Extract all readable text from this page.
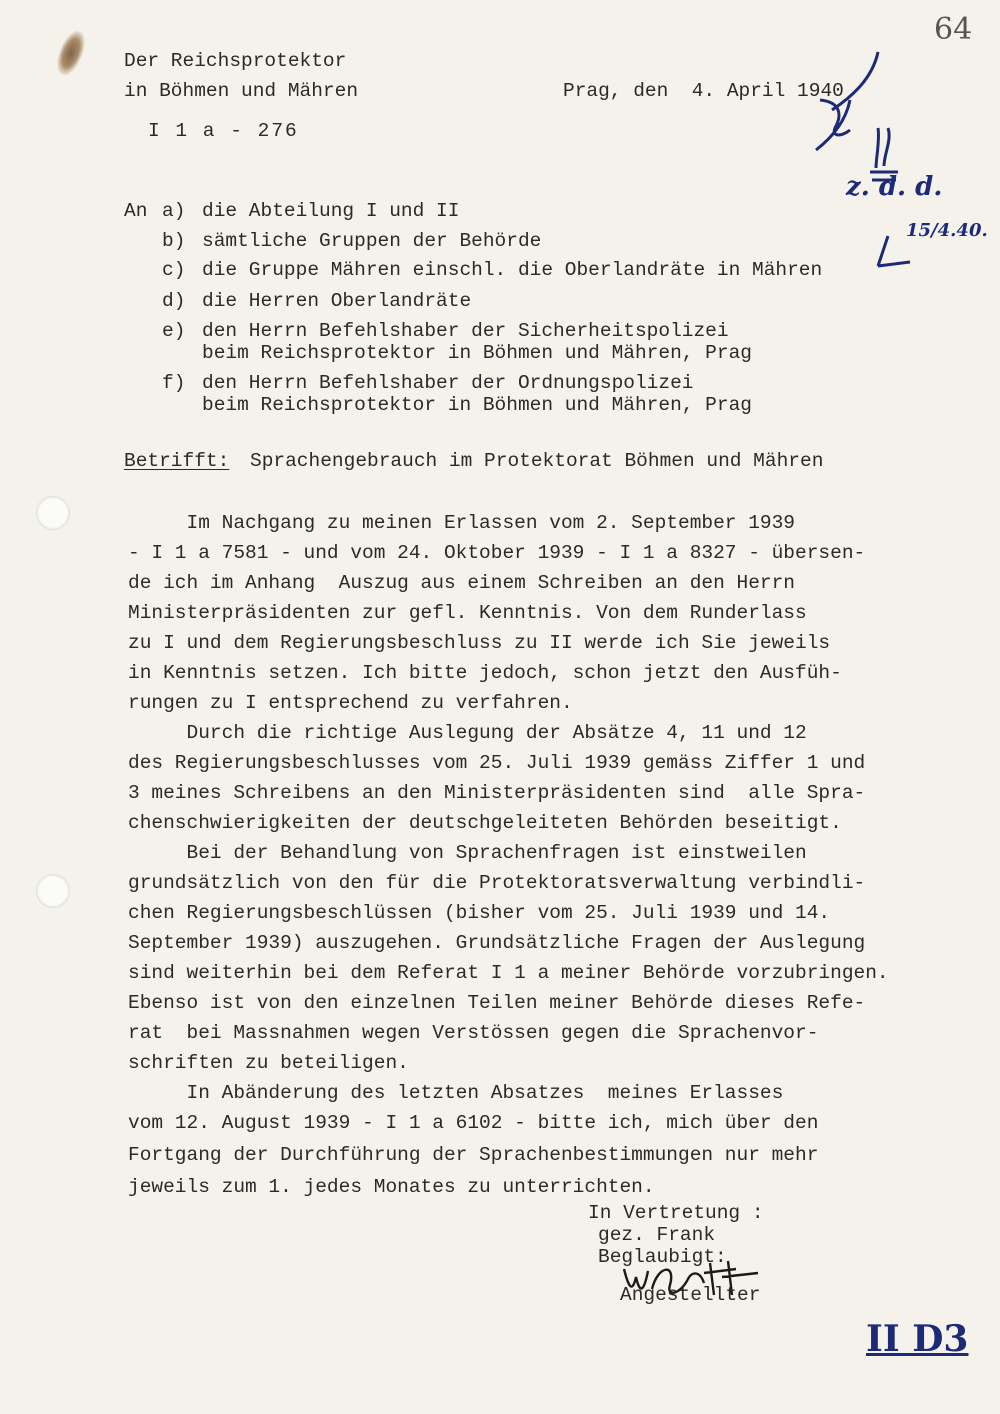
64
Der Reichsprotektor
in Böhmen und Mähren
I 1 a - 276
Prag, den  4. April 1940
z. d. d.
15/4.40.
An a) die Abteilung I und II
b) sämtliche Gruppen der Behörde
c) die Gruppe Mähren einschl. die Oberlandräte in Mähren
d) die Herren Oberlandräte
e) den Herrn Befehlshaber der Sicherheitspolizei
beim Reichsprotektor in Böhmen und Mähren, Prag
f) den Herrn Befehlshaber der Ordnungspolizei
beim Reichsprotektor in Böhmen und Mähren, Prag
Betrifft: Sprachengebrauch im Protektorat Böhmen und Mähren
Im Nachgang zu meinen Erlassen vom 2. September 1939
- I 1 a 7581 - und vom 24. Oktober 1939 - I 1 a 8327 - übersen-
de ich im Anhang  Auszug aus einem Schreiben an den Herrn
Ministerpräsidenten zur gefl. Kenntnis. Von dem Runderlass
zu I und dem Regierungsbeschluss zu II werde ich Sie jeweils
in Kenntnis setzen. Ich bitte jedoch, schon jetzt den Ausfüh-
rungen zu I entsprechend zu verfahren.
Durch die richtige Auslegung der Absätze 4, 11 und 12
des Regierungsbeschlusses vom 25. Juli 1939 gemäss Ziffer 1 und
3 meines Schreibens an den Ministerpräsidenten sind  alle Spra-
chenschwierigkeiten der deutschgeleiteten Behörden beseitigt.
Bei der Behandlung von Sprachenfragen ist einstweilen
grundsätzlich von den für die Protektoratsverwaltung verbindli-
chen Regierungsbeschlüssen (bisher vom 25. Juli 1939 und 14.
September 1939) auszugehen. Grundsätzliche Fragen der Auslegung
sind weiterhin bei dem Referat I 1 a meiner Behörde vorzubringen.
Ebenso ist von den einzelnen Teilen meiner Behörde dieses Refe-
rat  bei Massnahmen wegen Verstössen gegen die Sprachenvor-
schriften zu beteiligen.
In Abänderung des letzten Absatzes  meines Erlasses
vom 12. August 1939 - I 1 a 6102 - bitte ich, mich über den
Fortgang der Durchführung der Sprachenbestimmungen nur mehr
jeweils zum 1. jedes Monates zu unterrichten.
In Vertretung :
gez. Frank
Beglaubigt:
Angestellter
II D3
